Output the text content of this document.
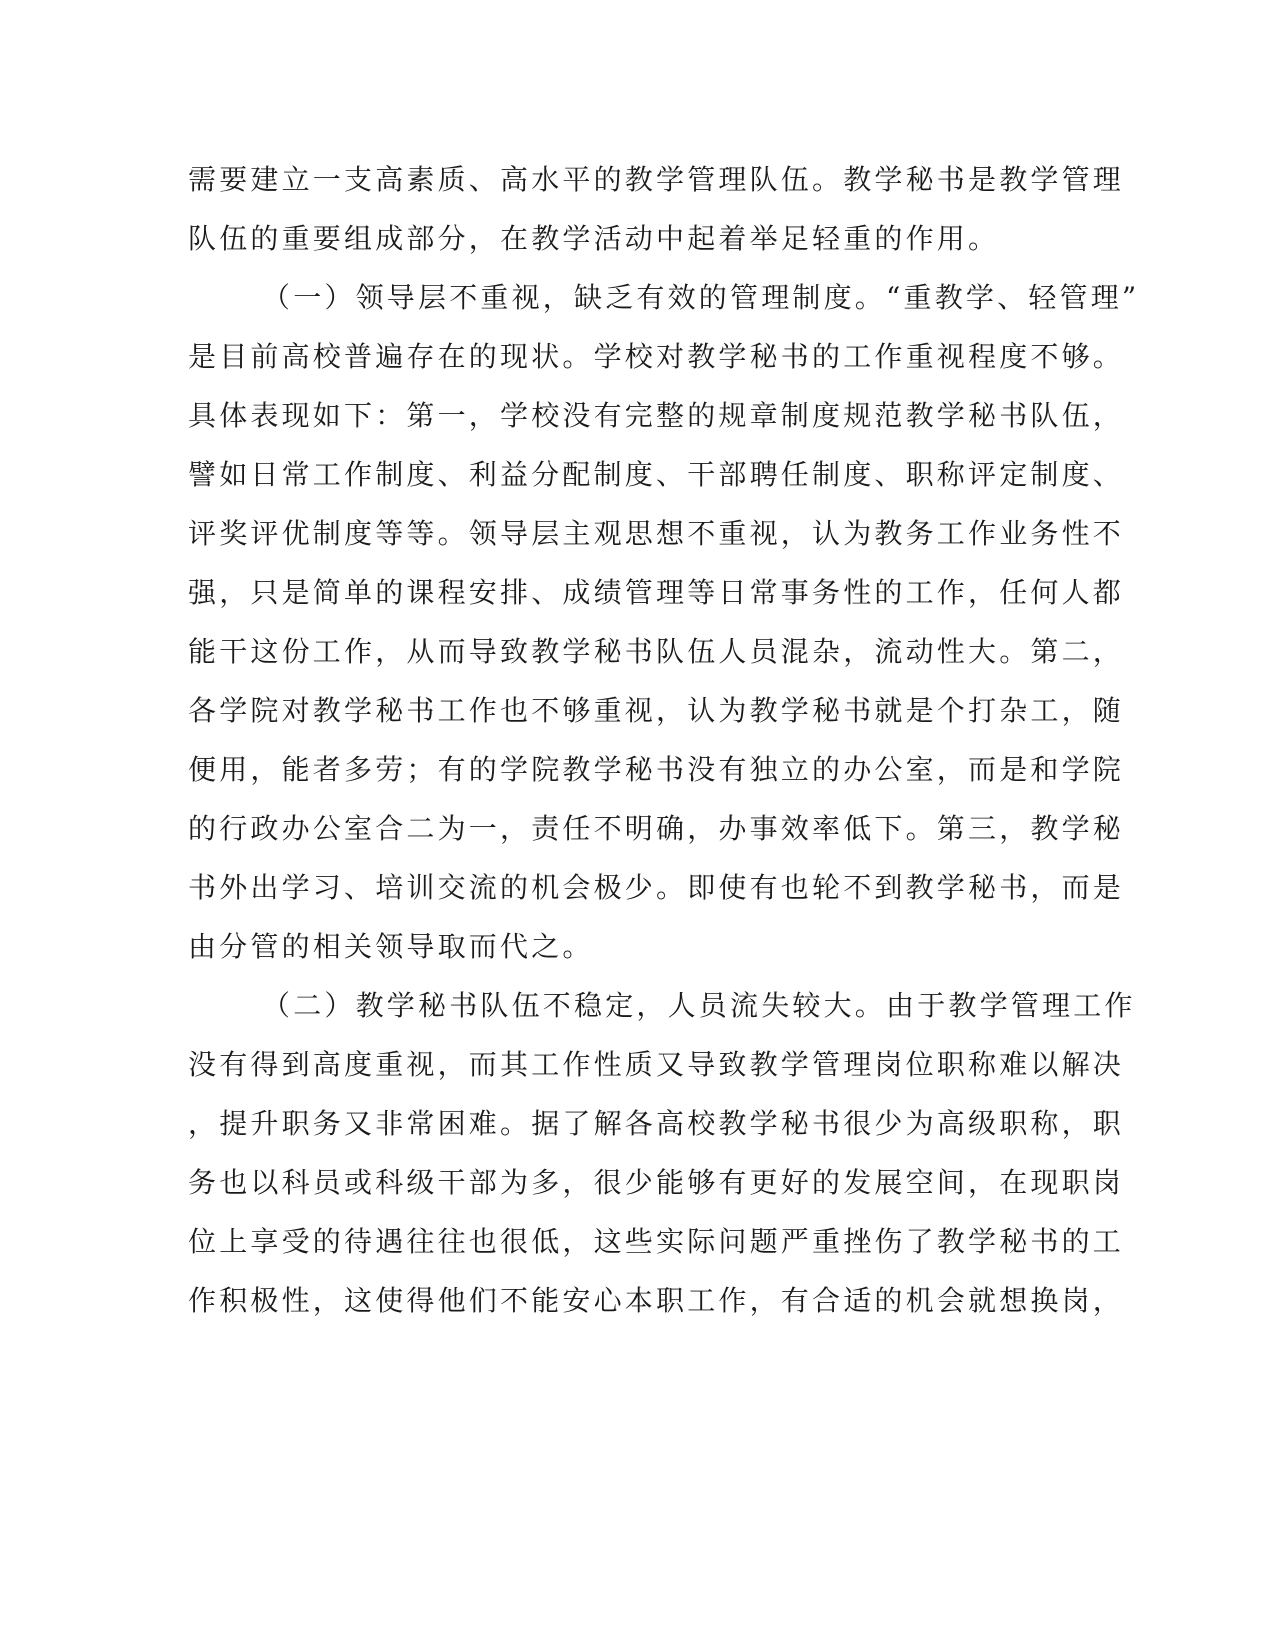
需要建立一支高素质、高水平的教学管理队伍。教学秘书是教学管理
队伍的重要组成部分，在教学活动中起着举足轻重的作用。
（一）领导层不重视，缺乏有效的管理制度。“重教学、轻管理”
是目前高校普遍存在的现状。学校对教学秘书的工作重视程度不够。
具体表现如下：第一，学校没有完整的规章制度规范教学秘书队伍，
譬如日常工作制度、利益分配制度、干部聘任制度、职称评定制度、
评奖评优制度等等。领导层主观思想不重视，认为教务工作业务性不
强，只是简单的课程安排、成绩管理等日常事务性的工作，任何人都
能干这份工作，从而导致教学秘书队伍人员混杂，流动性大。第二，
各学院对教学秘书工作也不够重视，认为教学秘书就是个打杂工，随
便用，能者多劳；有的学院教学秘书没有独立的办公室，而是和学院
的行政办公室合二为一，责任不明确，办事效率低下。第三，教学秘
书外出学习、培训交流的机会极少。即使有也轮不到教学秘书，而是
由分管的相关领导取而代之。
（二）教学秘书队伍不稳定，人员流失较大。由于教学管理工作
没有得到高度重视，而其工作性质又导致教学管理岗位职称难以解决
，提升职务又非常困难。据了解各高校教学秘书很少为高级职称，职
务也以科员或科级干部为多，很少能够有更好的发展空间，在现职岗
位上享受的待遇往往也很低，这些实际问题严重挫伤了教学秘书的工
作积极性，这使得他们不能安心本职工作，有合适的机会就想换岗，
